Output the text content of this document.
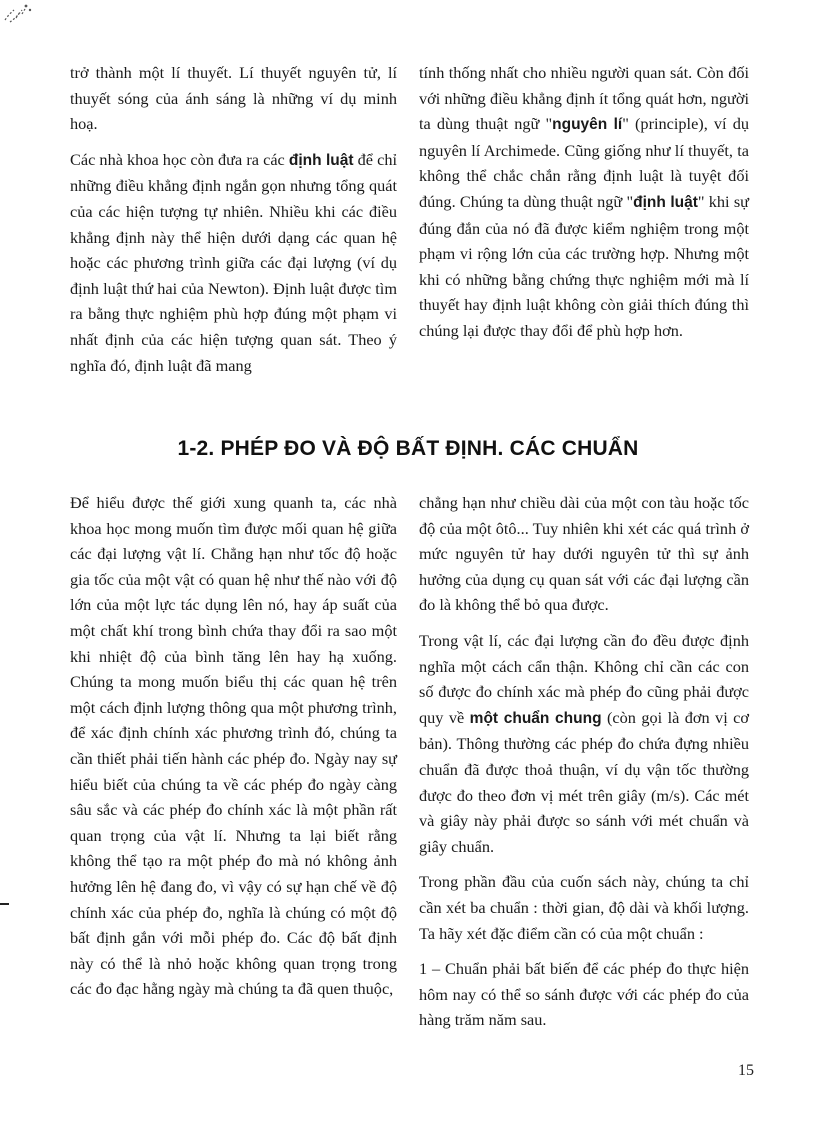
trở thành một lí thuyết. Lí thuyết nguyên tử, lí thuyết sóng của ánh sáng là những ví dụ minh hoạ.

Các nhà khoa học còn đưa ra các định luật để chỉ những điều khẳng định ngắn gọn nhưng tổng quát của các hiện tượng tự nhiên. Nhiều khi các điều khẳng định này thể hiện dưới dạng các quan hệ hoặc các phương trình giữa các đại lượng (ví dụ định luật thứ hai của Newton). Định luật được tìm ra bằng thực nghiệm phù hợp đúng một phạm vi nhất định của các hiện tượng quan sát. Theo ý nghĩa đó, định luật đã mang

tính thống nhất cho nhiều người quan sát. Còn đối với những điều khẳng định ít tổng quát hơn, người ta dùng thuật ngữ "nguyên lí" (principle), ví dụ nguyên lí Archimede. Cũng giống như lí thuyết, ta không thể chắc chắn rằng định luật là tuyệt đối đúng. Chúng ta dùng thuật ngữ "định luật" khi sự đúng đắn của nó đã được kiểm nghiệm trong một phạm vi rộng lớn của các trường hợp. Nhưng một khi có những bằng chứng thực nghiệm mới mà lí thuyết hay định luật không còn giải thích đúng thì chúng lại được thay đổi để phù hợp hơn.

1-2. PHÉP ĐO VÀ ĐỘ BẤT ĐỊNH. CÁC CHUẨN

Để hiểu được thế giới xung quanh ta, các nhà khoa học mong muốn tìm được mối quan hệ giữa các đại lượng vật lí. Chẳng hạn như tốc độ hoặc gia tốc của một vật có quan hệ như thế nào với độ lớn của một lực tác dụng lên nó, hay áp suất của một chất khí trong bình chứa thay đổi ra sao một khi nhiệt độ của bình tăng lên hay hạ xuống. Chúng ta mong muốn biểu thị các quan hệ trên một cách định lượng thông qua một phương trình, để xác định chính xác phương trình đó, chúng ta cần thiết phải tiến hành các phép đo. Ngày nay sự hiểu biết của chúng ta về các phép đo ngày càng sâu sắc và các phép đo chính xác là một phần rất quan trọng của vật lí. Nhưng ta lại biết rằng không thể tạo ra một phép đo mà nó không ảnh hưởng lên hệ đang đo, vì vậy có sự hạn chế về độ chính xác của phép đo, nghĩa là chúng có một độ bất định gắn với mỗi phép đo. Các độ bất định này có thể là nhỏ hoặc không quan trọng trong các đo đạc hằng ngày mà chúng ta đã quen thuộc,

chẳng hạn như chiều dài của một con tàu hoặc tốc độ của một ôtô... Tuy nhiên khi xét các quá trình ở mức nguyên tử hay dưới nguyên tử thì sự ảnh hưởng của dụng cụ quan sát với các đại lượng cần đo là không thể bỏ qua được.

Trong vật lí, các đại lượng cần đo đều được định nghĩa một cách cẩn thận. Không chỉ cần các con số được đo chính xác mà phép đo cũng phải được quy về một chuẩn chung (còn gọi là đơn vị cơ bản). Thông thường các phép đo chứa đựng nhiều chuẩn đã được thoả thuận, ví dụ vận tốc thường được đo theo đơn vị mét trên giây (m/s). Các mét và giây này phải được so sánh với mét chuẩn và giây chuẩn.

Trong phần đầu của cuốn sách này, chúng ta chỉ cần xét ba chuẩn : thời gian, độ dài và khối lượng. Ta hãy xét đặc điểm cần có của một chuẩn :

1 – Chuẩn phải bất biến để các phép đo thực hiện hôm nay có thể so sánh được với các phép đo của hàng trăm năm sau.

15
